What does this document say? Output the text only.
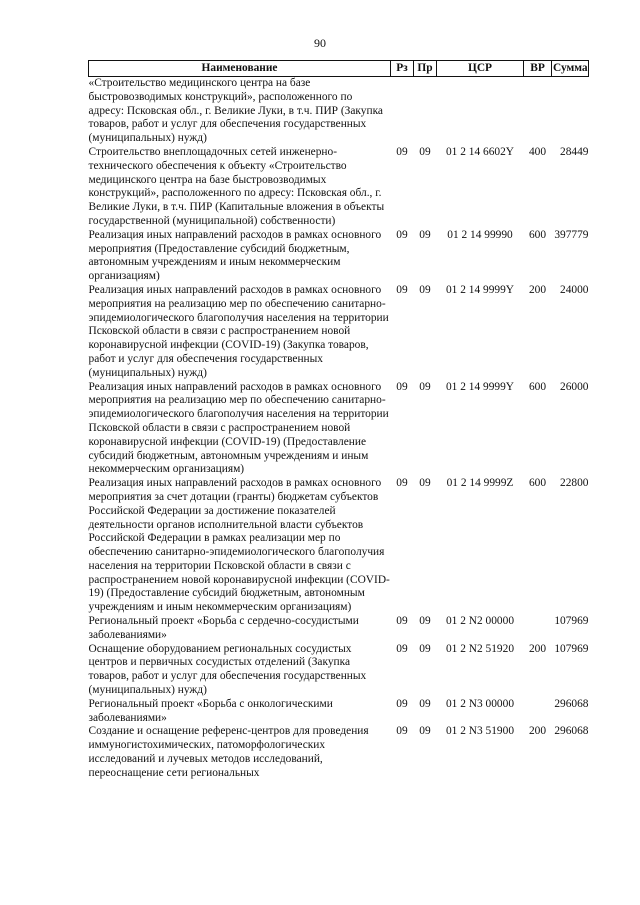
90
Наименование	Рз	Пр	ЦСР	ВР	Сумма
«Строительство медицинского центра на базе быстровозводимых конструкций», расположенного по адресу: Псковская обл., г. Великие Луки, в т.ч. ПИР (Закупка товаров, работ и услуг для обеспечения государственных (муниципальных) нужд)					
Строительство внеплощадочных сетей инженерно-технического обеспечения к объекту «Строительство медицинского центра на базе быстровозводимых конструкций», расположенного по адресу: Псковская обл., г. Великие Луки, в т.ч. ПИР (Капитальные вложения в объекты государственной (муниципальной) собственности)	09	09	01 2 14 6602Y	400	28449
Реализация иных направлений расходов в рамках основного мероприятия (Предоставление субсидий бюджетным, автономным учреждениям и иным некоммерческим организациям)	09	09	01 2 14 99990	600	397779
Реализация иных направлений расходов в рамках основного мероприятия на реализацию мер по обеспечению санитарно-эпидемиологического благополучия населения на территории Псковской области в связи с распространением новой коронавирусной инфекции (COVID-19) (Закупка товаров, работ и услуг для обеспечения государственных (муниципальных) нужд)	09	09	01 2 14 9999Y	200	24000
Реализация иных направлений расходов в рамках основного мероприятия на реализацию мер по обеспечению санитарно-эпидемиологического благополучия населения на территории Псковской области в связи с распространением новой коронавирусной инфекции (COVID-19) (Предоставление субсидий бюджетным, автономным учреждениям и иным некоммерческим организациям)	09	09	01 2 14 9999Y	600	26000
Реализация иных направлений расходов в рамках основного мероприятия за счет дотации (гранты) бюджетам субъектов Российской Федерации за достижение показателей деятельности органов исполнительной власти субъектов Российской Федерации в рамках реализации мер по обеспечению санитарно-эпидемиологического благополучия населения на территории Псковской области в связи с распространением новой коронавирусной инфекции (COVID-19) (Предоставление субсидий бюджетным, автономным учреждениям и иным некоммерческим организациям)	09	09	01 2 14 9999Z	600	22800
Региональный проект «Борьба с сердечно-сосудистыми заболеваниями»	09	09	01 2 N2 00000		107969
Оснащение оборудованием региональных сосудистых центров и первичных сосудистых отделений (Закупка товаров, работ и услуг для обеспечения государственных (муниципальных) нужд)	09	09	01 2 N2 51920	200	107969
Региональный проект «Борьба с онкологическими заболеваниями»	09	09	01 2 N3 00000		296068
Создание и оснащение референс-центров для проведения иммуногистохимических, патоморфологических исследований и лучевых методов исследований, переоснащение сети региональных	09	09	01 2 N3 51900	200	296068
